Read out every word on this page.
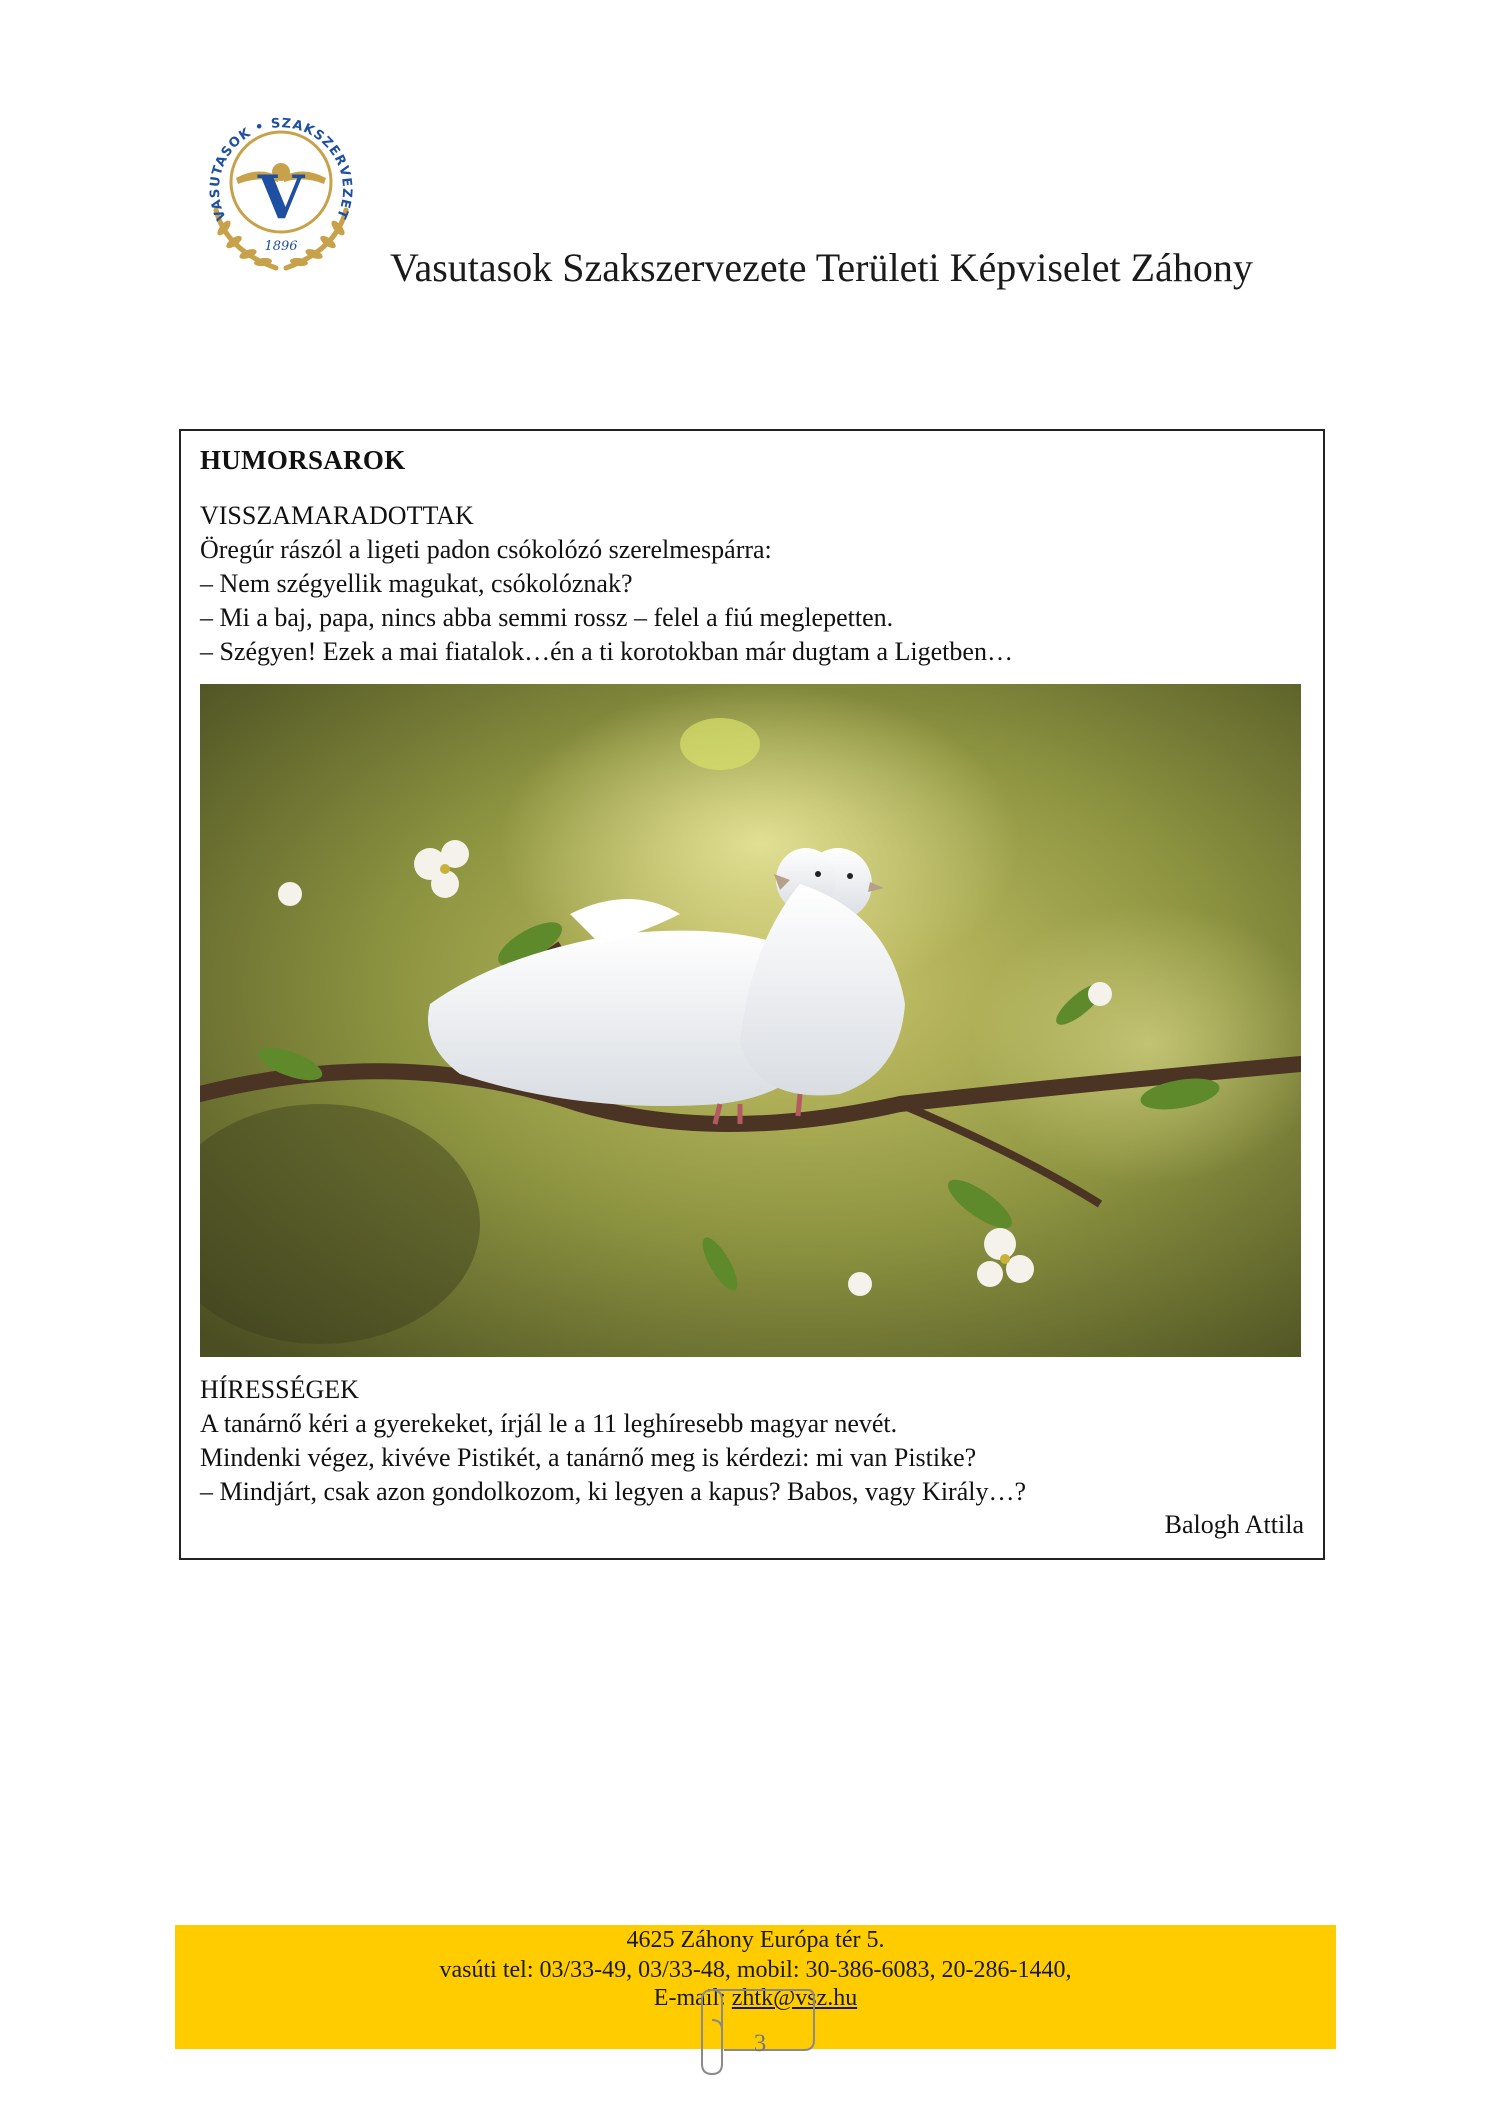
VASUTASOK • SZAKSZERVEZET
V
1896 Vasutasok Szakszervezete Területi Képviselet Záhony
HUMORSAROK
VISSZAMARADOTTAK
Öregúr rászól a ligeti padon csókolózó szerelmespárra:
– Nem szégyellik magukat, csókolóznak?
– Mi a baj, papa, nincs abba semmi rossz – felel a fiú meglepetten.
– Szégyen! Ezek a mai fiatalok…én a ti korotokban már dugtam a Ligetben…
HÍRESSÉGEK
A tanárnő kéri a gyerekeket, írjál le a 11 leghíresebb magyar nevét.
Mindenki végez, kivéve Pistikét, a tanárnő meg is kérdezi: mi van Pistike?
– Mindjárt, csak azon gondolkozom, ki legyen a kapus? Babos, vagy Király…?
Balogh Attila
4625 Záhony Európa tér 5.
vasúti tel: 03/33-49, 03/33-48, mobil: 30-386-6083, 20-286-1440,
E-mail: zhtk@vsz.hu
3
